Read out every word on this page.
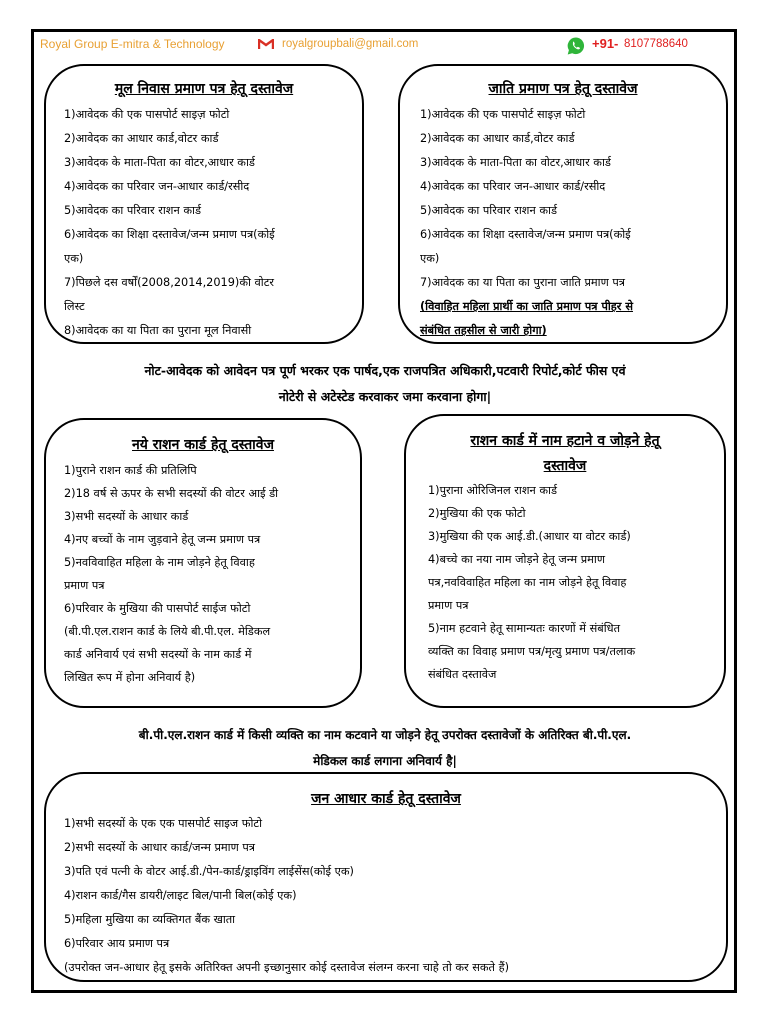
Royal Group E-mitra & Technology	royalgroupbali@gmail.com	+91- 8107788640
मूल निवास प्रमाण पत्र हेतू दस्तावेज
1)आवेदक की एक पासपोर्ट साइज़ फोटो
2)आवेदक का आधार कार्ड,वोटर कार्ड
3)आवेदक के माता-पिता का वोटर,आधार कार्ड
4)आवेदक का परिवार जन-आधार कार्ड/रसीद
5)आवेदक का परिवार राशन कार्ड
6)आवेदक का शिक्षा दस्तावेज/जन्म प्रमाण पत्र(कोई
एक)
7)पिछले दस वर्षों(2008,2014,2019)की वोटर
लिस्ट
8)आवेदक का या पिता का पुराना मूल निवासी
जाति प्रमाण पत्र हेतू दस्तावेज
1)आवेदक की एक पासपोर्ट साइज़ फोटो
2)आवेदक का आधार कार्ड,वोटर कार्ड
3)आवेदक के माता-पिता का वोटर,आधार कार्ड
4)आवेदक का परिवार जन-आधार कार्ड/रसीद
5)आवेदक का परिवार राशन कार्ड
6)आवेदक का शिक्षा दस्तावेज/जन्म प्रमाण पत्र(कोई
एक)
7)आवेदक का या पिता का पुराना जाति प्रमाण पत्र
(विवाहित महिला प्रार्थी का जाति प्रमाण पत्र पीहर से
संबंधित तहसील से जारी होगा)
नोट-आवेदक को आवेदन पत्र पूर्ण भरकर एक पार्षद,एक राजपत्रित अधिकारी,पटवारी रिपोर्ट,कोर्ट फीस एवं
नोटेरी से अटेस्टेड करवाकर जमा करवाना होगा|
नये राशन कार्ड हेतू दस्तावेज
1)पुराने राशन कार्ड की प्रतिलिपि
2)18 वर्ष से ऊपर के सभी सदस्यों की वोटर आई डी
3)सभी सदस्यों के आधार कार्ड
4)नए बच्चों के नाम जुड़वाने हेतू जन्म प्रमाण पत्र
5)नवविवाहित महिला के नाम जोड़ने हेतू विवाह
प्रमाण पत्र
6)परिवार के मुखिया की पासपोर्ट साईज फोटो
(बी.पी.एल.राशन कार्ड के लिये बी.पी.एल. मेडिकल
कार्ड अनिवार्य एवं सभी सदस्यों के नाम कार्ड में
लिखित रूप में होना अनिवार्य है)
राशन कार्ड में नाम हटाने व जोड़ने हेतू
दस्तावेज
1)पुराना ओरिजिनल राशन कार्ड
2)मुखिया की एक फोटो
3)मुखिया की एक आई.डी.(आधार या वोटर कार्ड)
4)बच्चे का नया नाम जोड़ने हेतू जन्म प्रमाण
पत्र,नवविवाहित महिला का नाम जोड़ने हेतू विवाह
प्रमाण पत्र
5)नाम हटवाने हेतू सामान्यतः कारणों में संबंधित
व्यक्ति का विवाह प्रमाण पत्र/मृत्यु प्रमाण पत्र/तलाक
संबंधित दस्तावेज
बी.पी.एल.राशन कार्ड में किसी व्यक्ति का नाम कटवाने या जोड़ने हेतू उपरोक्त दस्तावेजों के अतिरिक्त बी.पी.एल.
मेडिकल कार्ड लगाना अनिवार्य है|
जन आधार कार्ड हेतू दस्तावेज
1)सभी सदस्यों के एक एक पासपोर्ट साइज फोटो
2)सभी सदस्यों के आधार कार्ड/जन्म प्रमाण पत्र
3)पति एवं पत्नी के वोटर आई.डी./पेन-कार्ड/ड्राइविंग लाईसेंस(कोई एक)
4)राशन कार्ड/गैस डायरी/लाइट बिल/पानी बिल(कोई एक)
5)महिला मुखिया का व्यक्तिगत बैंक खाता
6)परिवार आय प्रमाण पत्र
(उपरोक्त जन-आधार हेतू इसके अतिरिक्त अपनी इच्छानुसार कोई दस्तावेज संलग्न करना चाहे तो कर सकते हैं)
